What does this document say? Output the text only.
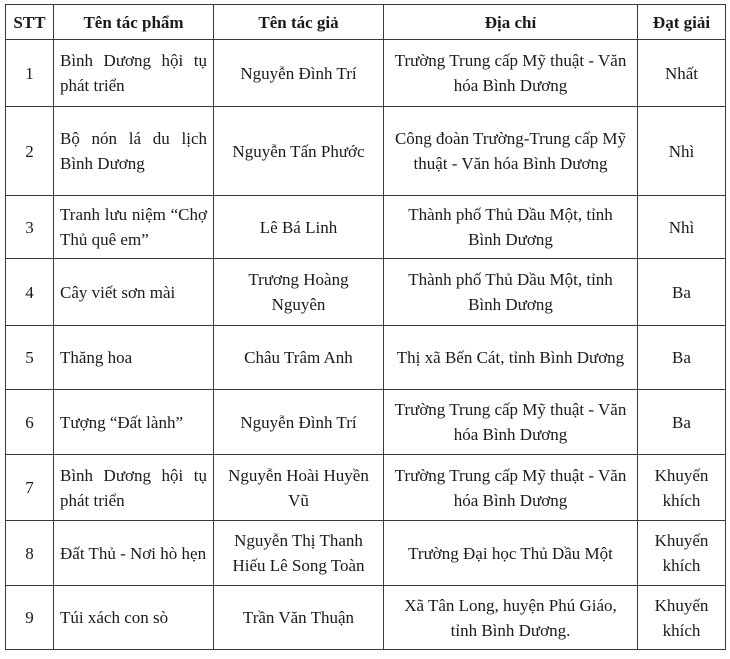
STT	Tên tác phẩm	Tên tác giả	Địa chỉ	Đạt giải
1	Bình Dương hội tụ phát triển	Nguyễn Đình Trí	Trường Trung cấp Mỹ thuật - Văn hóa Bình Dương	Nhất
2	Bộ nón lá du lịch Bình Dương	Nguyễn Tấn Phước	Công đoàn Trường-Trung cấp Mỹ thuật - Văn hóa Bình Dương	Nhì
3	Tranh lưu niệm “Chợ Thủ quê em”	Lê Bá Linh	Thành phố Thủ Dầu Một, tỉnh Bình Dương	Nhì
4	Cây viết sơn mài	Trương Hoàng Nguyên	Thành phố Thủ Dầu Một, tỉnh Bình Dương	Ba
5	Thăng hoa	Châu Trâm Anh	Thị xã Bến Cát, tỉnh Bình Dương	Ba
6	Tượng “Đất lành”	Nguyễn Đình Trí	Trường Trung cấp Mỹ thuật - Văn hóa Bình Dương	Ba
7	Bình Dương hội tụ phát triển	Nguyễn Hoài Huyền Vũ	Trường Trung cấp Mỹ thuật - Văn hóa Bình Dương	Khuyến khích
8	Đất Thủ - Nơi hò hẹn	Nguyễn Thị Thanh Hiếu Lê Song Toàn	Trường Đại học Thủ Dầu Một	Khuyến khích
9	Túi xách con sò	Trần Văn Thuận	Xã Tân Long, huyện Phú Giáo, tỉnh Bình Dương.	Khuyến khích
